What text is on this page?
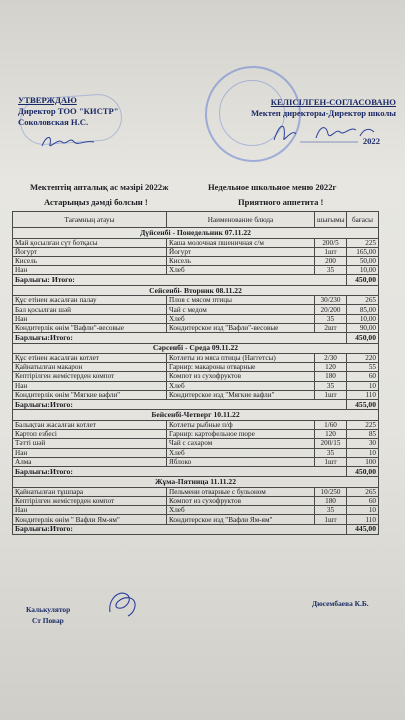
УТВЕРЖДАЮ
Директор ТОО "КИСТР"
Соколовская Н.С.
КЕЛІСІЛГЕН-СОГЛАСОВАНО
Мектеп директоры-Директор школы
2022
Мектептің апталық ас мәзірі 2022ж
Астарыңыз дәмді болсын !
Недельное школьное меню 2022г
Приятного аппетита !
Тағамның атауы	Наименование блюда	шығымы	бағасы
Дүйсенбі - Понедельник 07.11.22			
Май қосылған сүт ботқасы	Каша молочная пшеничная с/м	200/5	225
Йогурт	Йогурт	1шт	165,00
Кисель	Кисель	200	50,00
Нан	Хлеб	35	10,00
Барлығы: Итого:			450,00
Сейсенбі- Вторник 08.11.22			
Құс етінен жасалған палау	Плов с мясом птицы	30/230	265
Бал қосылған шәй	Чай с медом	20/200	85,00
Нан	Хлеб	35	10,00
Кондитерлік өнім "Вафли"-весовые	Кондитерское изд "Вафли"-весовые	2шт	90,00
Барлығы:Итого:			450,00
Сәрсенбі - Среда 09.11.22			
Құс етінен жасалған котлет	Котлеты из мяса птицы (Наггетсы)	2/30	220
Қайнатылған макарон	Гарнир: макароны отварные	120	55
Кептірілген жемістерден компот	Компот из сухофруктов	180	60
Нан	Хлеб	35	10
Кондитерлік өнім "Мягкие вафли"	Кондитерское изд "Мягкие вафли"	1шт	110
Барлығы:Итого:			455,00
Бейсенбі-Четверг 10.11.22			
Балықтан жасалған котлет	Котлеты рыбные п/ф	1/60	225
Картоп езбесі	Гарнир: картофельное пюре	120	85
Тәтті шәй	Чай с сахаром	200/15	30
Нан	Хлеб	35	10
Алма	Яблоко	1шт	100
Барлығы:Итого:			450,00
Жұма-Пятница 11.11.22			
Қайнатылған тұшпара	Пельмени отварные с бульоном	10/250	265
Кептірілген жемістерден компот	Компот из сухофруктов	180	60
Нан	Хлеб	35	10
Кондитерлік өнім " Вафли Ям-ям"	Кондитерское изд "Вафли Ям-ям"	1шт	110
Барлығы:Итого:			445,00
Калькулятор
Ст Повар
Дюсембаева К.Б.
